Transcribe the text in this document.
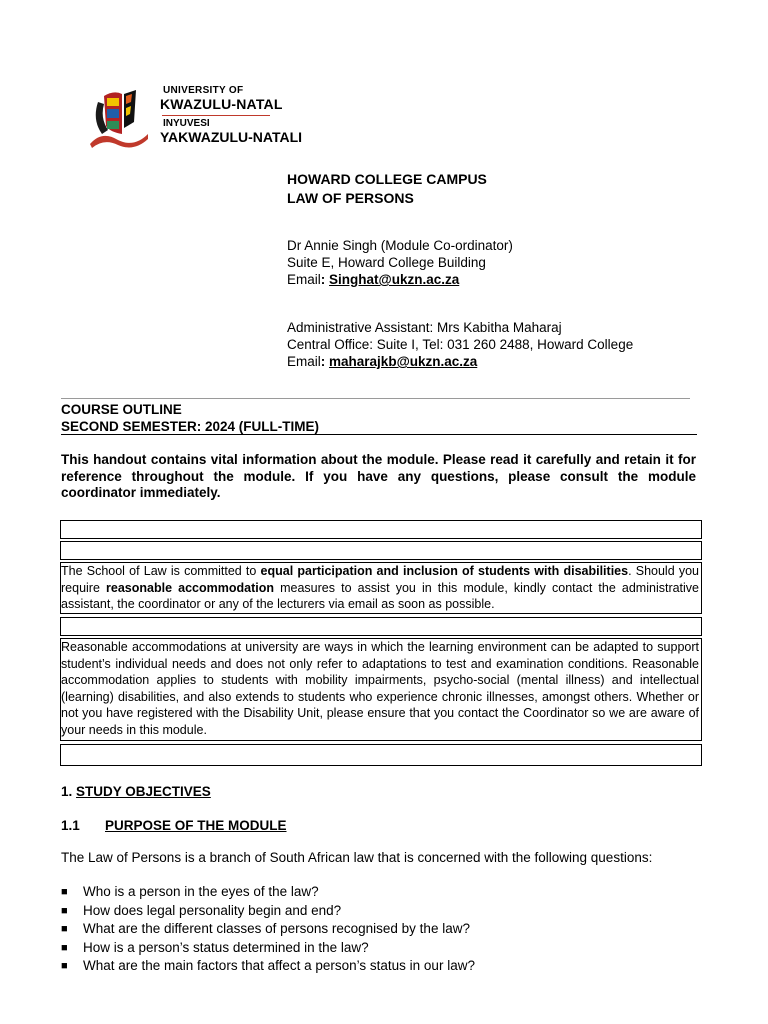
UNIVERSITY OF
KWAZULU-NATAL
INYUVESI
YAKWAZULU-NATALI
HOWARD COLLEGE CAMPUS
LAW OF PERSONS
Dr Annie Singh (Module Co-ordinator)
Suite E, Howard College Building
Email: Singhat@ukzn.ac.za
Administrative Assistant: Mrs Kabitha Maharaj
Central Office: Suite I, Tel: 031 260 2488, Howard College
Email: maharajkb@ukzn.ac.za
COURSE OUTLINE
SECOND SEMESTER: 2024 (FULL-TIME)
This handout contains vital information about the module. Please read it carefully and retain it for reference throughout the module. If you have any questions, please consult the module coordinator immediately.
The School of Law is committed to equal participation and inclusion of students with disabilities. Should you require reasonable accommodation measures to assist you in this module, kindly contact the administrative assistant, the coordinator or any of the lecturers via email as soon as possible.
Reasonable accommodations at university are ways in which the learning environment can be adapted to support student’s individual needs and does not only refer to adaptations to test and examination conditions. Reasonable accommodation applies to students with mobility impairments, psycho-social (mental illness) and intellectual (learning) disabilities, and also extends to students who experience chronic illnesses, amongst others. Whether or not you have registered with the Disability Unit, please ensure that you contact the Coordinator so we are aware of your needs in this module.
1. STUDY OBJECTIVES
1.1 PURPOSE OF THE MODULE
The Law of Persons is a branch of South African law that is concerned with the following questions:
■	Who is a person in the eyes of the law?
■	How does legal personality begin and end?
■	What are the different classes of persons recognised by the law?
■	How is a person’s status determined in the law?
■	What are the main factors that affect a person’s status in our law?
